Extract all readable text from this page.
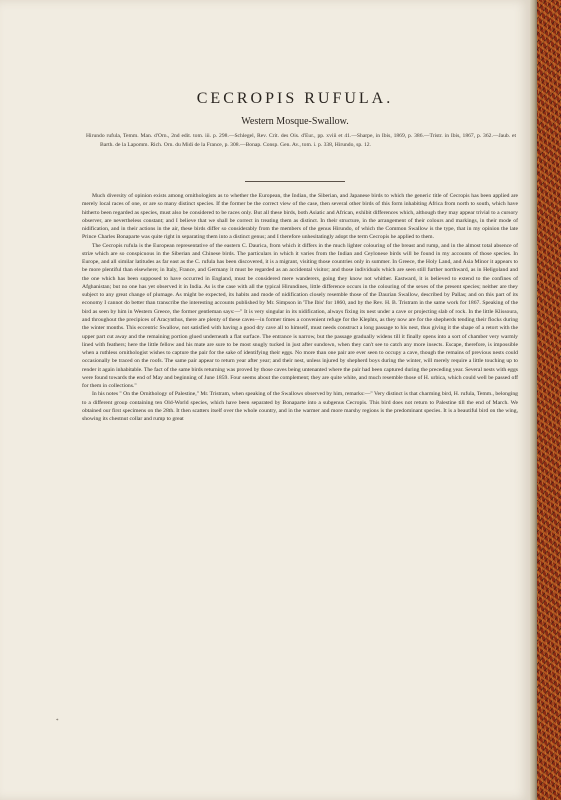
CECROPIS RUFULA.
Western Mosque-Swallow.

Hirundo rufula, Temm. Man. d'Orn., 2nd edit. tom. iii. p. 298.—Schlegel, Rev. Crit. des Ois. d'Eur., pp. xviii et 41.—Sharpe, in Ibis, 1869, p. 386.—Tristr. in Ibis, 1867, p. 362.—Jaub. et Barth. de la Lapomm. Rich. Orn. du Midi de la France, p. 308.—Bonap. Consp. Gen. Av., tom. i. p. 338, Hirundo, sp. 12.

Much diversity of opinion exists among ornithologists as to whether the European, the Indian, the Siberian, and Japanese birds to which the generic title of Cecropis has been applied are merely local races of one, or are so many distinct species. If the former be the correct view of the case, then several other birds of this form inhabiting Africa from north to south, which have hitherto been regarded as species, must also be considered to be races only. But all these birds, both Asiatic and African, exhibit differences which, although they may appear trivial to a cursory observer, are nevertheless constant; and I believe that we shall be correct in treating them as distinct. In their structure, in the arrangement of their colours and markings, in their mode of nidification, and in their actions in the air, these birds differ so considerably from the members of the genus Hirundo, of which the Common Swallow is the type, that in my opinion the late Prince Charles Bonaparte was quite right in separating them into a distinct genus; and I therefore unhesitatingly adopt the term Cecropis he applied to them.

The Cecropis rufula is the European representative of the eastern C. Daurica, from which it differs in the much lighter colouring of the breast and rump, and in the almost total absence of striæ which are so conspicuous in the Siberian and Chinese birds. The particulars in which it varies from the Indian and Ceylonese birds will be found in my accounts of those species. In Europe, and all similar latitudes as far east as the C. rufula has been discovered, it is a migrant, visiting those countries only in summer. In Greece, the Holy Land, and Asia Minor it appears to be more plentiful than elsewhere; in Italy, France, and Germany it must be regarded as an accidental visitor; and those individuals which are seen still further northward, as in Heligoland and the one which has been supposed to have occurred in England, must be considered mere wanderers, going they know not whither. Eastward, it is believed to extend to the confines of Afghanistan; but no one has yet observed it in India. As is the case with all the typical Hirundines, little difference occurs in the colouring of the sexes of the present species; neither are they subject to any great change of plumage. As might be expected, its habits and mode of nidification closely resemble those of the Daurian Swallow, described by Pallas; and on this part of its economy I cannot do better than transcribe the interesting accounts published by Mr. Simpson in 'The Ibis' for 1860, and by the Rev. H. B. Tristram in the same work for 1867. Speaking of the bird as seen by him in Western Greece, the former gentleman says:—" It is very singular in its nidification, always fixing its nest under a cave or projecting slab of rock. In the little Klissoura, and throughout the precipices of Aracynthus, there are plenty of these caves—in former times a convenient refuge for the Klephts, as they now are for the shepherds tending their flocks during the winter months. This eccentric Swallow, not satisfied with having a good dry cave all to himself, must needs construct a long passage to his nest, thus giving it the shape of a retort with the upper part cut away and the remaining portion glued underneath a flat surface. The entrance is narrow, but the passage gradually widens till it finally opens into a sort of chamber very warmly lined with feathers; here the little fellow and his mate are sure to be most snugly tucked in just after sundown, when they can't see to catch any more insects. Escape, therefore, is impossible when a ruthless ornithologist wishes to capture the pair for the sake of identifying their eggs. No more than one pair are ever seen to occupy a cave, though the remains of previous nests could occasionally be traced on the roofs. The same pair appear to return year after year; and their nest, unless injured by shepherd boys during the winter, will merely require a little touching up to render it again inhabitable. The fact of the same birds returning was proved by those caves being untenanted where the pair had been captured during the preceding year. Several nests with eggs were found towards the end of May and beginning of June 1859. Four seems about the complement; they are quite white, and much resemble those of H. urbica, which could well be passed off for them in collections."

In his notes " On the Ornithology of Palestine," Mr. Tristram, when speaking of the Swallows observed by him, remarks:—" Very distinct is that charming bird, H. rufula, Temm., belonging to a different group containing ten Old-World species, which have been separated by Bonaparte into a subgenus Cecropis. This bird does not return to Palestine till the end of March. We obtained our first specimens on the 28th. It then scatters itself over the whole country, and in the warmer and more marshy regions is the predominant species. It is a beautiful bird on the wing, showing its chestnut collar and rump to great

*
